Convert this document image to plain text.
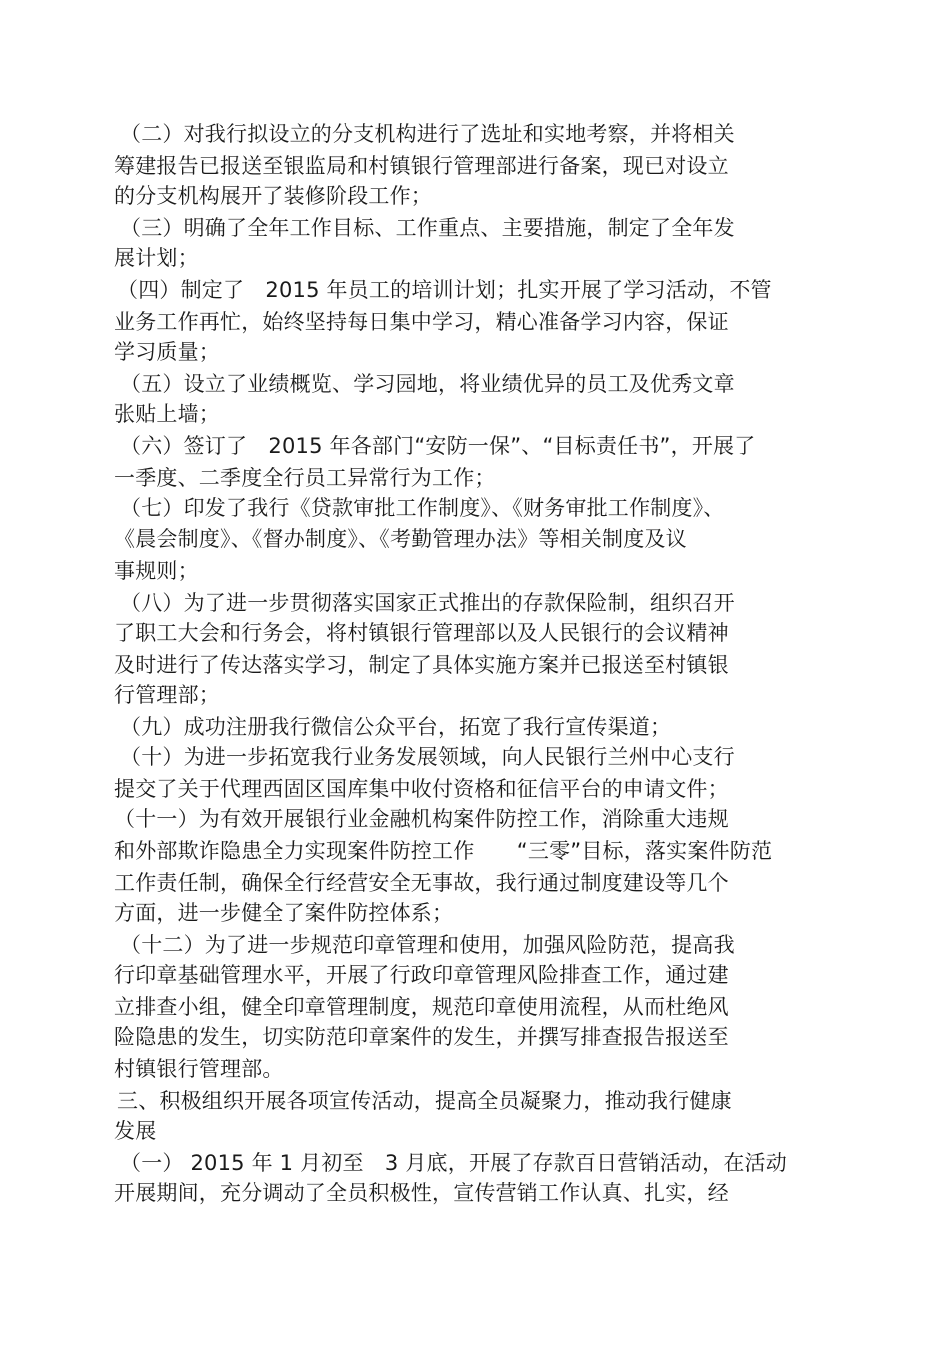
（二）对我行拟设立的分支机构进行了选址和实地考察，并将相关

筹建报告已报送至银监局和村镇银行管理部进行备案，现已对设立

的分支机构展开了装修阶段工作；

（三）明确了全年工作目标、工作重点、主要措施，制定了全年发

展计划；

（四）制定了　2015 年员工的培训计划；扎实开展了学习活动，不管

业务工作再忙，始终坚持每日集中学习，精心准备学习内容，保证

学习质量；

（五）设立了业绩概览、学习园地，将业绩优异的员工及优秀文章

张贴上墙；

（六）签订了　2015 年各部门“安防一保”、“目标责任书”，开展了

一季度、二季度全行员工异常行为工作；

（七）印发了我行《贷款审批工作制度》、《财务审批工作制度》、

《晨会制度》、《督办制度》、《考勤管理办法》等相关制度及议

事规则；

（八）为了进一步贯彻落实国家正式推出的存款保险制，组织召开

了职工大会和行务会，将村镇银行管理部以及人民银行的会议精神

及时进行了传达落实学习，制定了具体实施方案并已报送至村镇银

行管理部；

（九）成功注册我行微信公众平台，拓宽了我行宣传渠道；

（十）为进一步拓宽我行业务发展领域，向人民银行兰州中心支行

提交了关于代理西固区国库集中收付资格和征信平台的申请文件；

（十一）为有效开展银行业金融机构案件防控工作，消除重大违规

和外部欺诈隐患全力实现案件防控工作　　“三零”目标，落实案件防范

工作责任制，确保全行经营安全无事故，我行通过制度建设等几个

方面，进一步健全了案件防控体系；

（十二）为了进一步规范印章管理和使用，加强风险防范，提高我

行印章基础管理水平，开展了行政印章管理风险排查工作，通过建

立排查小组，健全印章管理制度，规范印章使用流程，从而杜绝风

险隐患的发生，切实防范印章案件的发生，并撰写排查报告报送至

村镇银行管理部。

三、积极组织开展各项宣传活动，提高全员凝聚力，推动我行健康

发展

（一） 2015 年 1 月初至　3 月底，开展了存款百日营销活动，在活动

开展期间，充分调动了全员积极性，宣传营销工作认真、扎实，经
